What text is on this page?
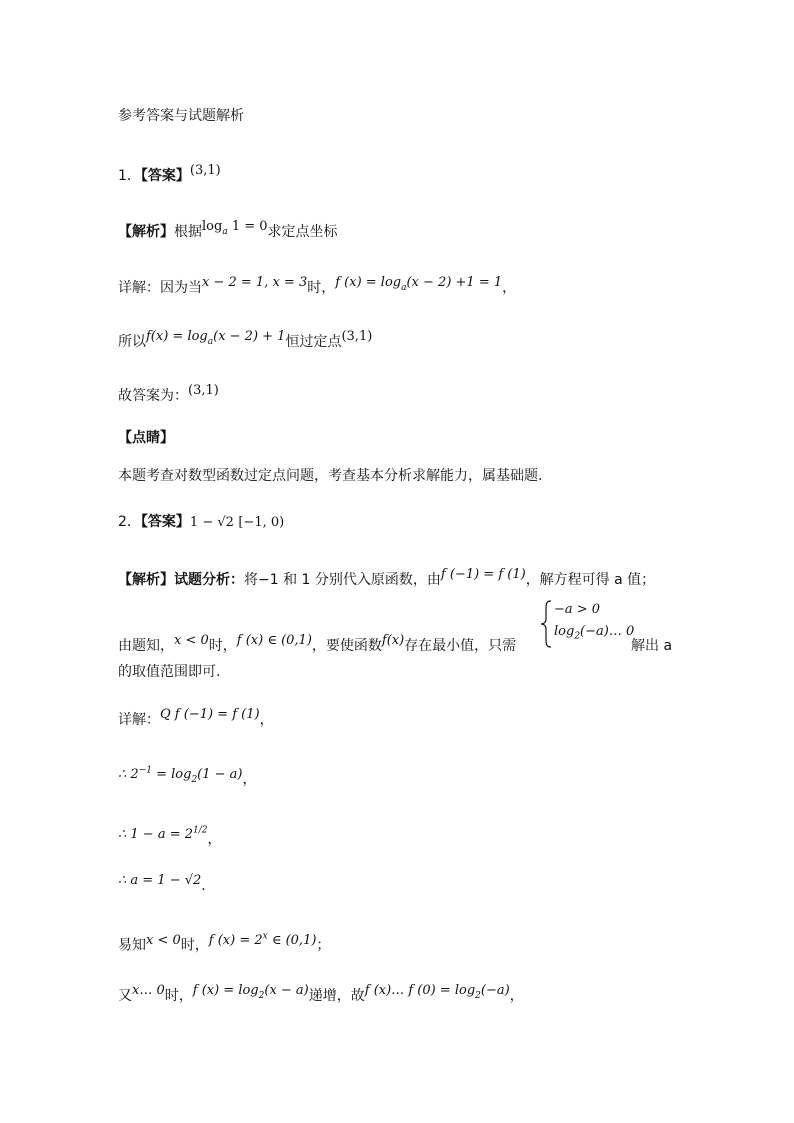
参考答案与试题解析
1．【答案】(3,1)
【解析】根据$\log_a 1 = 0$求定点坐标
详解：因为当x − 2 = 1, x = 3时，f $(x) = \log_a(x - 2) +1 = 1$，
所以$f(x) = \log_a(x - 2) + 1$恒过定点(3,1)
故答案为：(3,1)
【点睛】
本题考查对数型函数过定点问题，考查基本分析求解能力，属基础题.
2．【答案】1 − √2 [−1, 0)
【解析】试题分析：将−1 和 1 分别代入原函数，由f (−1) = f (1)，解方程可得 a 值；
由题知，x < 0时，f (x) ∈ (0,1)，要使函数f(x)存在最小值，只需
−a > 0
$\log_2(-a)\dots$ 0
解出 a
的取值范围即可.
详解：Q f (−1) = f (1)，
∴ $2^{-1} = \log_2(1 - a)$，
∴ $1 - a = 2^{1/2}$，
∴ a = 1 − √2.
易知x < 0时，f $(x) = 2^x$ ∈ (0,1)；
又x… 0时，f $(x) = \log_2(x - a)$递增，故f (x)… f $(0) = \log_2(-a)$，
